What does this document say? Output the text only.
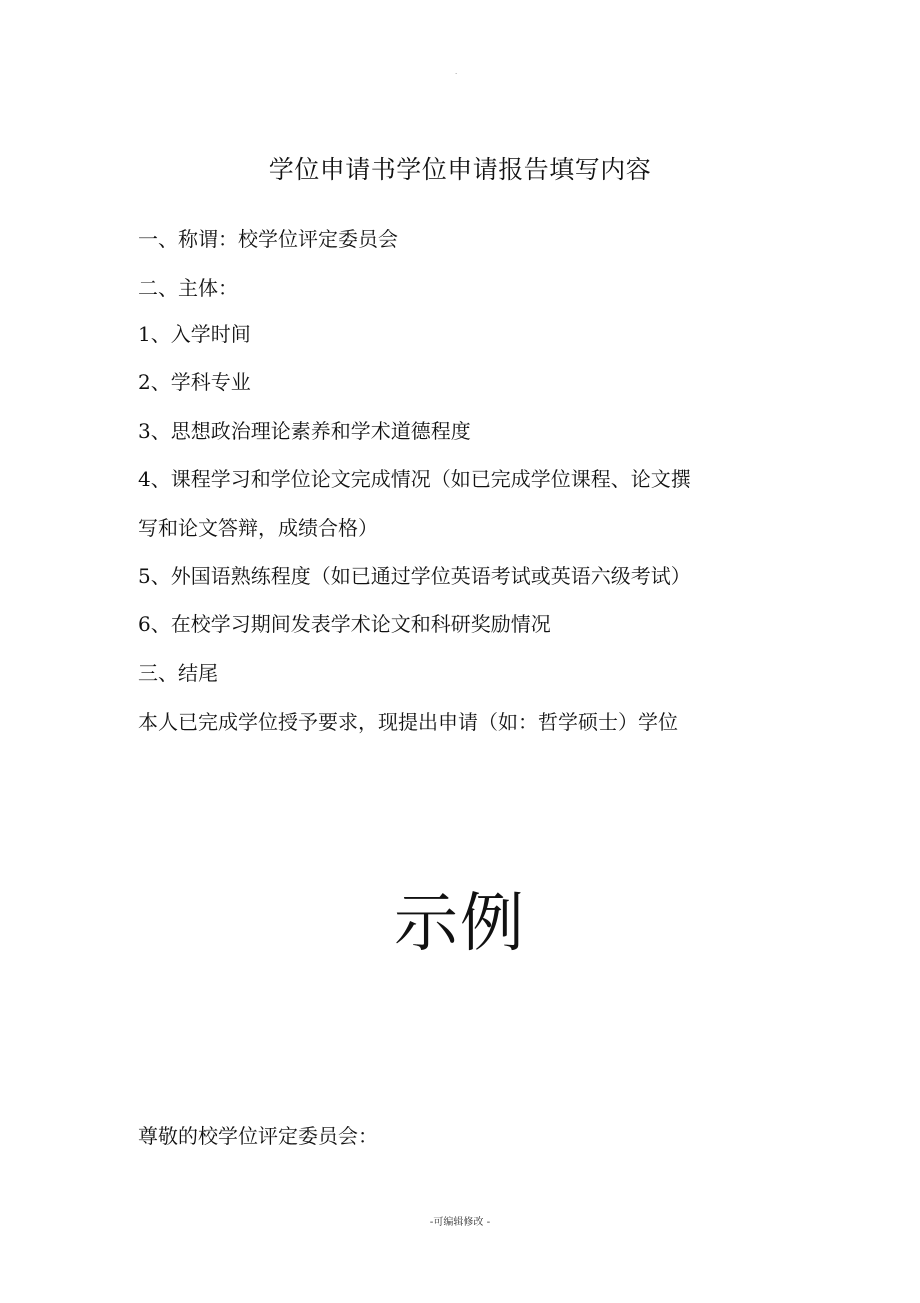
·
学位申请书学位申请报告填写内容
一、称谓：校学位评定委员会
二、主体：
1、入学时间
2、学科专业
3、思想政治理论素养和学术道德程度
4、课程学习和学位论文完成情况（如已完成学位课程、论文撰
写和论文答辩，成绩合格）
5、外国语熟练程度（如已通过学位英语考试或英语六级考试）
6、在校学习期间发表学术论文和科研奖励情况
三、结尾
本人已完成学位授予要求，现提出申请（如：哲学硕士）学位
示例
尊敬的校学位评定委员会：
-可编辑修改 -
